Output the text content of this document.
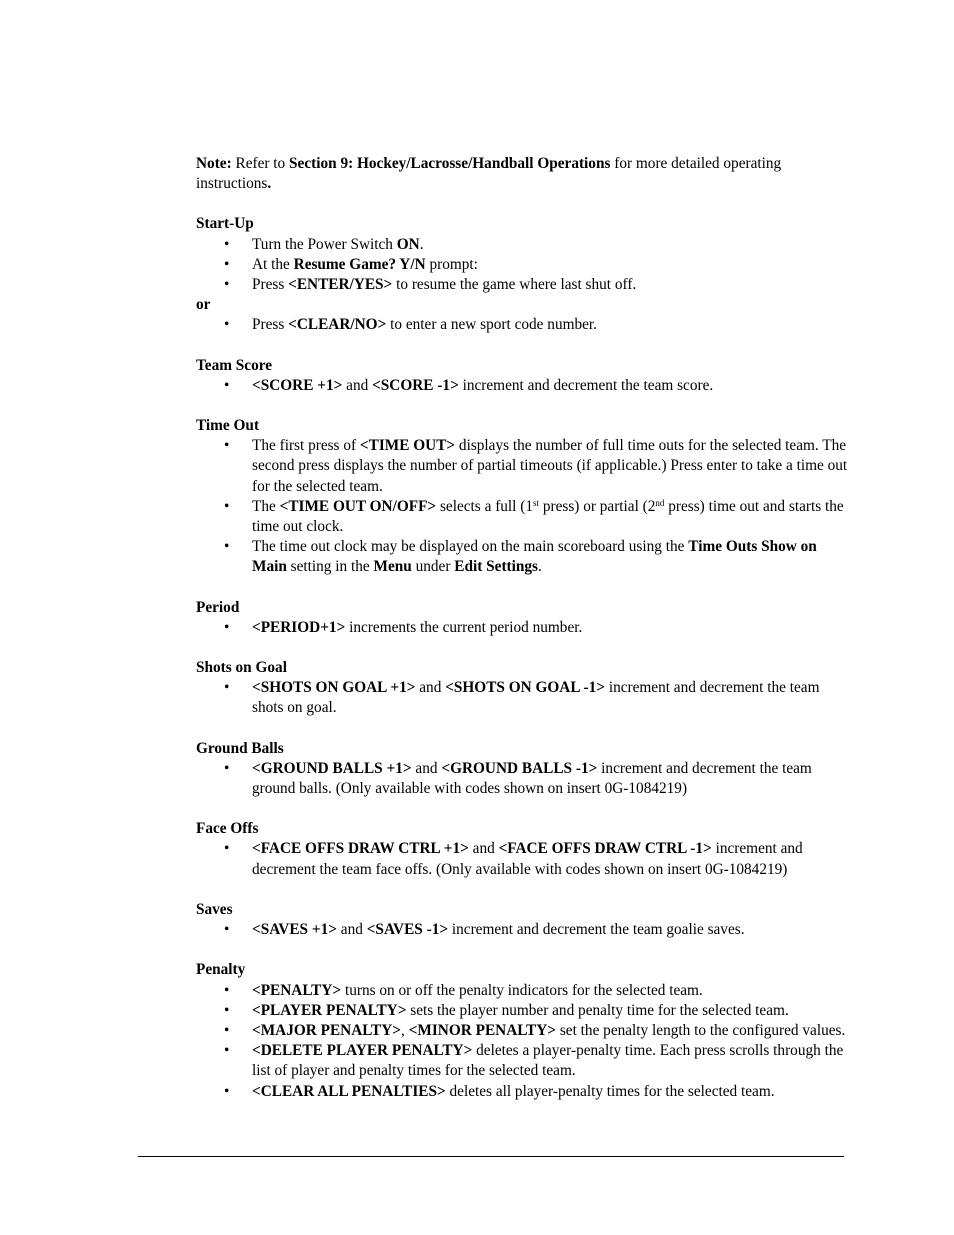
Note: Refer to Section 9: Hockey/Lacrosse/Handball Operations for more detailed operating instructions.

Start-Up

• Turn the Power Switch ON.
• At the Resume Game? Y/N prompt:
• Press <ENTER/YES> to resume the game where last shut off.

or

• Press <CLEAR/NO> to enter a new sport code number.

Team Score

• <SCORE +1> and <SCORE -1> increment and decrement the team score.

Time Out

• The first press of <TIME OUT> displays the number of full time outs for the selected team. The second press displays the number of partial timeouts (if applicable.) Press enter to take a time out for the selected team.
• The <TIME OUT ON/OFF> selects a full (1st press) or partial (2nd press) time out and starts the time out clock.
• The time out clock may be displayed on the main scoreboard using the Time Outs Show on Main setting in the Menu under Edit Settings.

Period

• <PERIOD+1> increments the current period number.

Shots on Goal

• <SHOTS ON GOAL +1> and <SHOTS ON GOAL -1> increment and decrement the team shots on goal.

Ground Balls

• <GROUND BALLS +1> and <GROUND BALLS -1> increment and decrement the team ground balls. (Only available with codes shown on insert 0G-1084219)

Face Offs

• <FACE OFFS DRAW CTRL +1> and <FACE OFFS DRAW CTRL -1> increment and decrement the team face offs. (Only available with codes shown on insert 0G-1084219)

Saves

• <SAVES +1> and <SAVES -1> increment and decrement the team goalie saves.

Penalty

• <PENALTY> turns on or off the penalty indicators for the selected team.
• <PLAYER PENALTY> sets the player number and penalty time for the selected team.
• <MAJOR PENALTY>, <MINOR PENALTY> set the penalty length to the configured values.
• <DELETE PLAYER PENALTY> deletes a player-penalty time. Each press scrolls through the list of player and penalty times for the selected team.
• <CLEAR ALL PENALTIES> deletes all player-penalty times for the selected team.
